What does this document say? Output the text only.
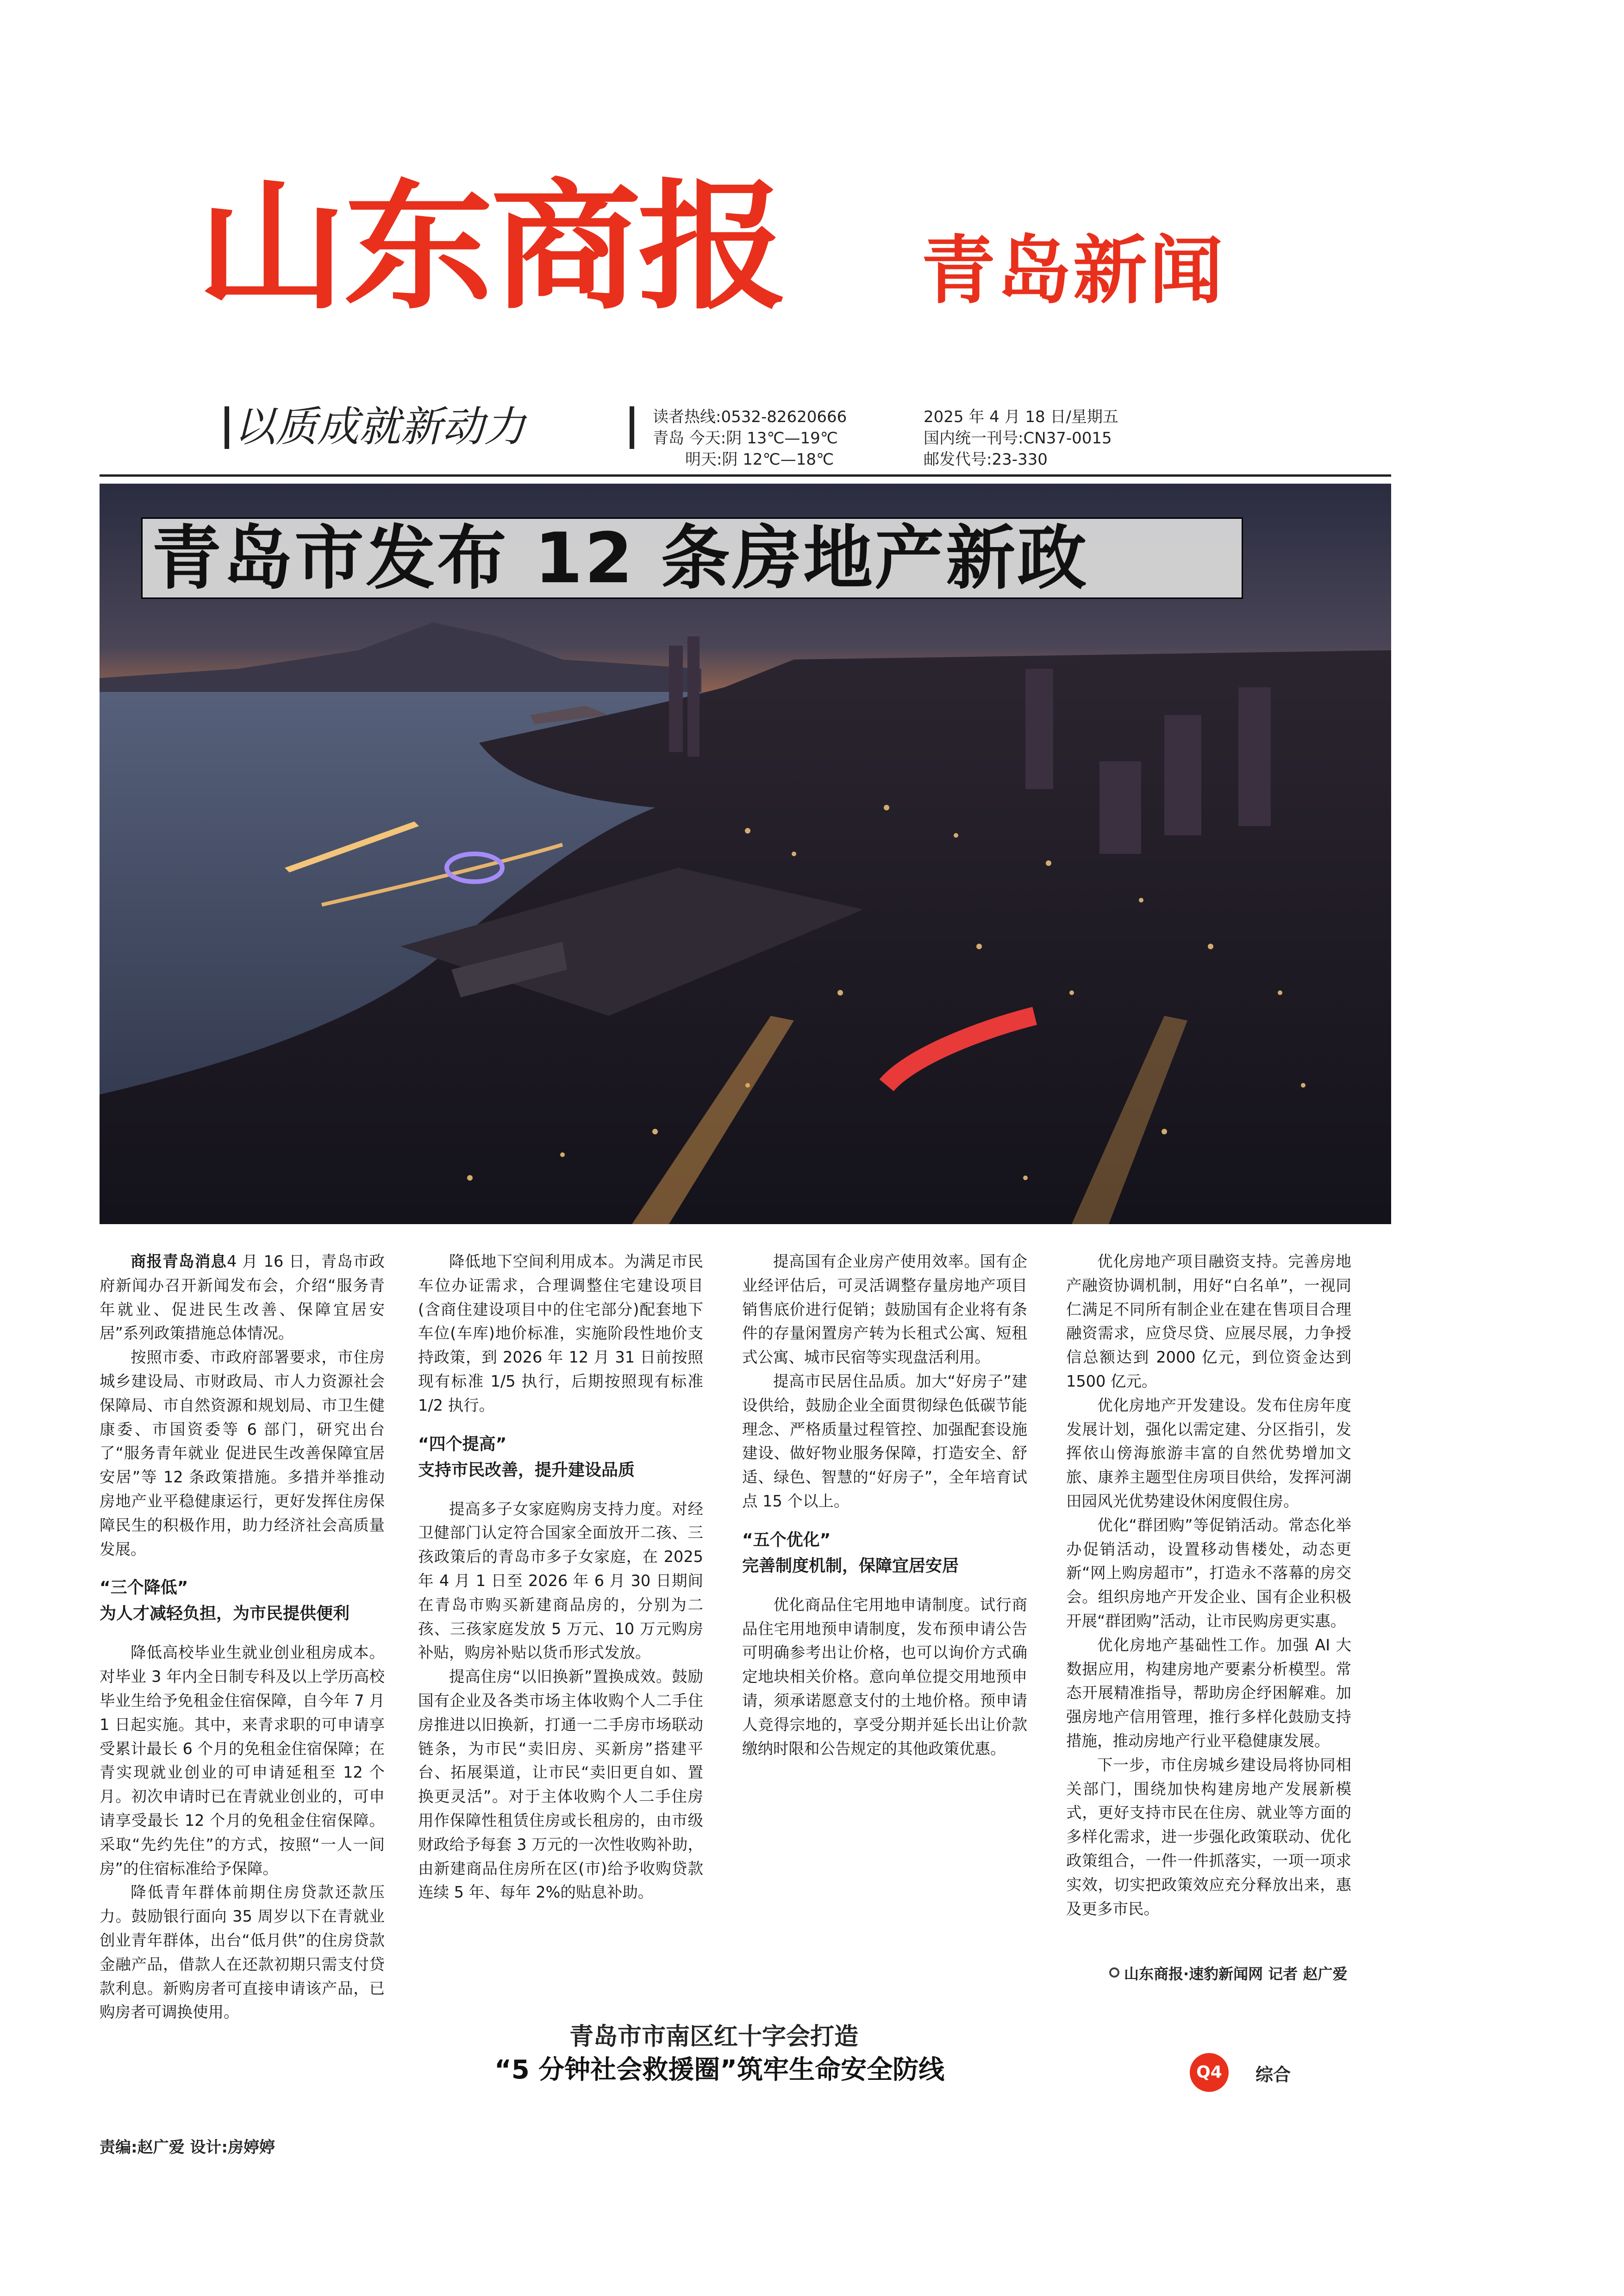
山东商报 青岛新闻
以质成就新动力	读者热线:0532-82620666
青岛 今天:阴 13℃—19℃
明天:阴 12℃—18℃
2025 年 4 月 18 日/星期五
国内统一刊号:CN37-0015
邮发代号:23-330
青岛市发布 12 条房地产新政

商报青岛消息4 月 16 日，青岛市政府新闻办召开新闻发布会，介绍“服务青年就业、促进民生改善、保障宜居安居”系列政策措施总体情况。

按照市委、市政府部署要求，市住房城乡建设局、市财政局、市人力资源社会保障局、市自然资源和规划局、市卫生健康委、市国资委等 6 部门，研究出台了“服务青年就业 促进民生改善保障宜居安居”等 12 条政策措施。多措并举推动房地产业平稳健康运行，更好发挥住房保障民生的积极作用，助力经济社会高质量发展。

“三个降低”

为人才减轻负担，为市民提供便利

降低高校毕业生就业创业租房成本。对毕业 3 年内全日制专科及以上学历高校毕业生给予免租金住宿保障，自今年 7 月 1 日起实施。其中，来青求职的可申请享受累计最长 6 个月的免租金住宿保障；在青实现就业创业的可申请延租至 12 个月。初次申请时已在青就业创业的，可申请享受最长 12 个月的免租金住宿保障。采取“先约先住”的方式，按照“一人一间房”的住宿标准给予保障。

降低青年群体前期住房贷款还款压力。鼓励银行面向 35 周岁以下在青就业创业青年群体，出台“低月供”的住房贷款金融产品，借款人在还款初期只需支付贷款利息。新购房者可直接申请该产品，已购房者可调换使用。

降低地下空间利用成本。为满足市民车位办证需求，合理调整住宅建设项目(含商住建设项目中的住宅部分)配套地下车位(车库)地价标准，实施阶段性地价支持政策，到 2026 年 12 月 31 日前按照现有标准 1/5 执行，后期按照现有标准 1/2 执行。

“四个提高”

支持市民改善，提升建设品质

提高多子女家庭购房支持力度。对经卫健部门认定符合国家全面放开二孩、三孩政策后的青岛市多子女家庭，在 2025 年 4 月 1 日至 2026 年 6 月 30 日期间在青岛市购买新建商品房的，分别为二孩、三孩家庭发放 5 万元、10 万元购房补贴，购房补贴以货币形式发放。

提高住房“以旧换新”置换成效。鼓励国有企业及各类市场主体收购个人二手住房推进以旧换新，打通一二手房市场联动链条，为市民“卖旧房、买新房”搭建平台、拓展渠道，让市民“卖旧更自如、置换更灵活”。对于主体收购个人二手住房用作保障性租赁住房或长租房的，由市级财政给予每套 3 万元的一次性收购补助，由新建商品住房所在区(市)给予收购贷款连续 5 年、每年 2%的贴息补助。

提高国有企业房产使用效率。国有企业经评估后，可灵活调整存量房地产项目销售底价进行促销；鼓励国有企业将有条件的存量闲置房产转为长租式公寓、短租式公寓、城市民宿等实现盘活利用。

提高市民居住品质。加大“好房子”建设供给，鼓励企业全面贯彻绿色低碳节能理念、严格质量过程管控、加强配套设施建设、做好物业服务保障，打造安全、舒适、绿色、智慧的“好房子”，全年培育试点 15 个以上。

“五个优化”

完善制度机制，保障宜居安居

优化商品住宅用地申请制度。试行商品住宅用地预申请制度，发布预申请公告可明确参考出让价格，也可以询价方式确定地块相关价格。意向单位提交用地预申请，须承诺愿意支付的土地价格。预申请人竞得宗地的，享受分期并延长出让价款缴纳时限和公告规定的其他政策优惠。

优化房地产项目融资支持。完善房地产融资协调机制，用好“白名单”，一视同仁满足不同所有制企业在建在售项目合理融资需求，应贷尽贷、应展尽展，力争授信总额达到 2000 亿元，到位资金达到 1500 亿元。

优化房地产开发建设。发布住房年度发展计划，强化以需定建、分区指引，发挥依山傍海旅游丰富的自然优势增加文旅、康养主题型住房项目供给，发挥河湖田园风光优势建设休闲度假住房。

优化“群团购”等促销活动。常态化举办促销活动，设置移动售楼处，动态更新“网上购房超市”，打造永不落幕的房交会。组织房地产开发企业、国有企业积极开展“群团购”活动，让市民购房更实惠。

优化房地产基础性工作。加强 AI 大数据应用，构建房地产要素分析模型。常态开展精准指导，帮助房企纾困解难。加强房地产信用管理，推行多样化鼓励支持措施，推动房地产行业平稳健康发展。

下一步，市住房城乡建设局将协同相关部门，围绕加快构建房地产发展新模式，更好支持市民在住房、就业等方面的多样化需求，进一步强化政策联动、优化政策组合，一件一件抓落实，一项一项求实效，切实把政策效应充分释放出来，惠及更多市民。

山东商报·速豹新闻网 记者 赵广爱
青岛市市南区红十字会打造
“5 分钟社会救援圈”筑牢生命安全防线	Q4	综合
责编:赵广爱 设计:房婷婷
